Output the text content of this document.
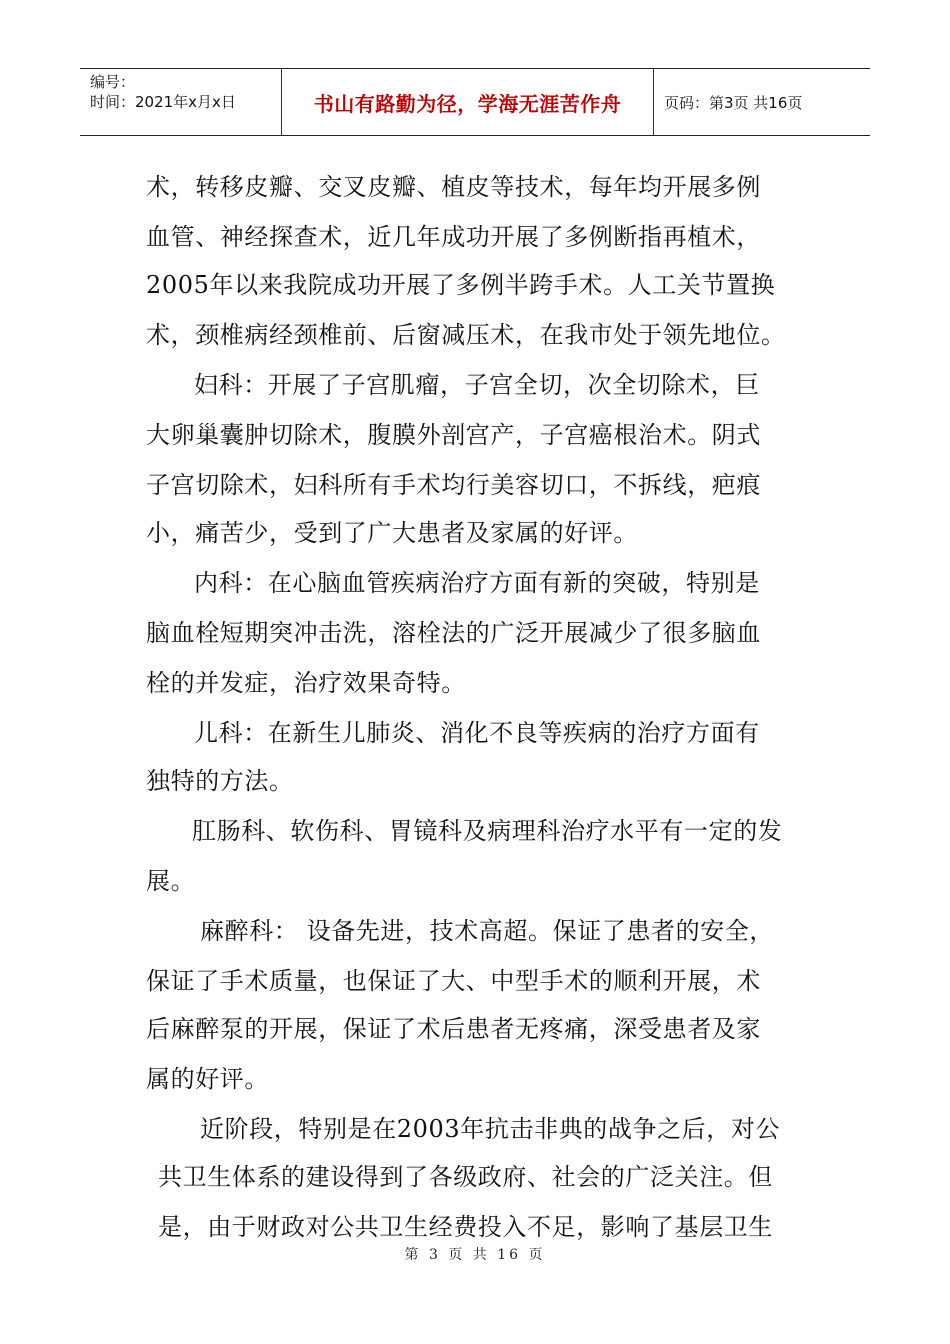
编号：
时间：2021年x月x日	书山有路勤为径，学海无涯苦作舟	页码：第3页 共16页
术，转移皮瓣、交叉皮瓣、植皮等技术，每年均开展多例
血管、神经探查术，近几年成功开展了多例断指再植术，
2005年以来我院成功开展了多例半跨手术。人工关节置换
术，颈椎病经颈椎前、后窗减压术，在我市处于领先地位。
妇科：开展了子宫肌瘤，子宫全切，次全切除术，巨
大卵巢囊肿切除术，腹膜外剖宫产，子宫癌根治术。阴式
子宫切除术，妇科所有手术均行美容切口，不拆线，疤痕
小，痛苦少，受到了广大患者及家属的好评。
内科：在心脑血管疾病治疗方面有新的突破，特别是
脑血栓短期突冲击洗，溶栓法的广泛开展减少了很多脑血
栓的并发症，治疗效果奇特。
儿科：在新生儿肺炎、消化不良等疾病的治疗方面有
独特的方法。
肛肠科、软伤科、胃镜科及病理科治疗水平有一定的发
展。
麻醉科： 设备先进，技术高超。保证了患者的安全，
保证了手术质量，也保证了大、中型手术的顺利开展，术
后麻醉泵的开展，保证了术后患者无疼痛，深受患者及家
属的好评。
近阶段，特别是在2003年抗击非典的战争之后，对公
共卫生体系的建设得到了各级政府、社会的广泛关注。但
是，由于财政对公共卫生经费投入不足，影响了基层卫生
第 3 页 共 16 页
